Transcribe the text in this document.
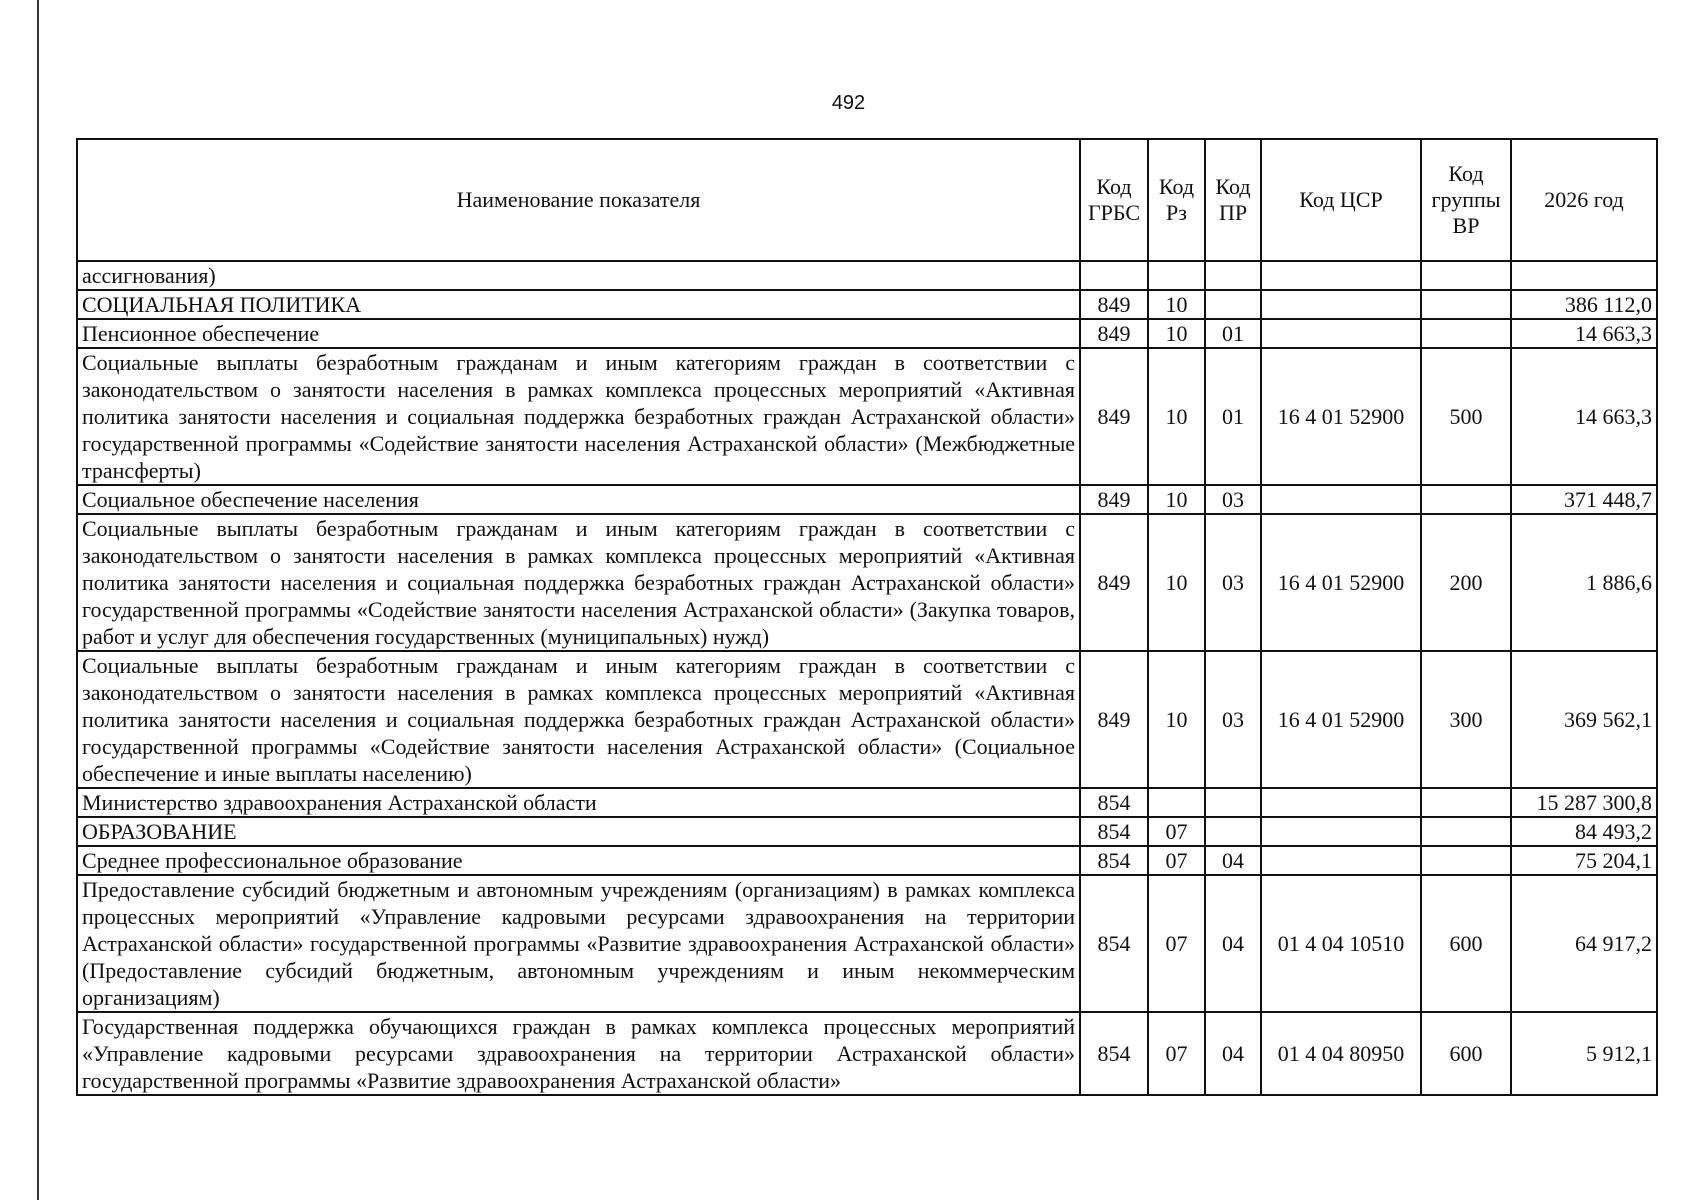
492
Наименование показателя	Код ГРБС	Код Рз	Код ПР	Код ЦСР	Код группы ВР	2026 год
ассигнования)						
СОЦИАЛЬНАЯ ПОЛИТИКА	849	10				386 112,0
Пенсионное обеспечение	849	10	01			14 663,3
Социальные выплаты безработным гражданам и иным категориям граждан в соответствии с законодательством о занятости населения в рамках комплекса процессных мероприятий «Активная политика занятости населения и социальная поддержка безработных граждан Астраханской области» государственной программы «Содействие занятости населения Астраханской области» (Межбюджетные трансферты)	849	10	01	16 4 01 52900	500	14 663,3
Социальное обеспечение населения	849	10	03			371 448,7
Социальные выплаты безработным гражданам и иным категориям граждан в соответствии с законодательством о занятости населения в рамках комплекса процессных мероприятий «Активная политика занятости населения и социальная поддержка безработных граждан Астраханской области» государственной программы «Содействие занятости населения Астраханской области» (Закупка товаров, работ и услуг для обеспечения государственных (муниципальных) нужд)	849	10	03	16 4 01 52900	200	1 886,6
Социальные выплаты безработным гражданам и иным категориям граждан в соответствии с законодательством о занятости населения в рамках комплекса процессных мероприятий «Активная политика занятости населения и социальная поддержка безработных граждан Астраханской области» государственной программы «Содействие занятости населения Астраханской области» (Социальное обеспечение и иные выплаты населению)	849	10	03	16 4 01 52900	300	369 562,1
Министерство здравоохранения Астраханской области	854					15 287 300,8
ОБРАЗОВАНИЕ	854	07				84 493,2
Среднее профессиональное образование	854	07	04			75 204,1
Предоставление субсидий бюджетным и автономным учреждениям (организациям) в рамках комплекса процессных мероприятий «Управление кадровыми ресурсами здравоохранения на территории Астраханской области» государственной программы «Развитие здравоохранения Астраханской области» (Предоставление субсидий бюджетным, автономным учреждениям и иным некоммерческим организациям)	854	07	04	01 4 04 10510	600	64 917,2
Государственная поддержка обучающихся граждан в рамках комплекса процессных мероприятий «Управление кадровыми ресурсами здравоохранения на территории Астраханской области» государственной программы «Развитие здравоохранения Астраханской области»	854	07	04	01 4 04 80950	600	5 912,1
